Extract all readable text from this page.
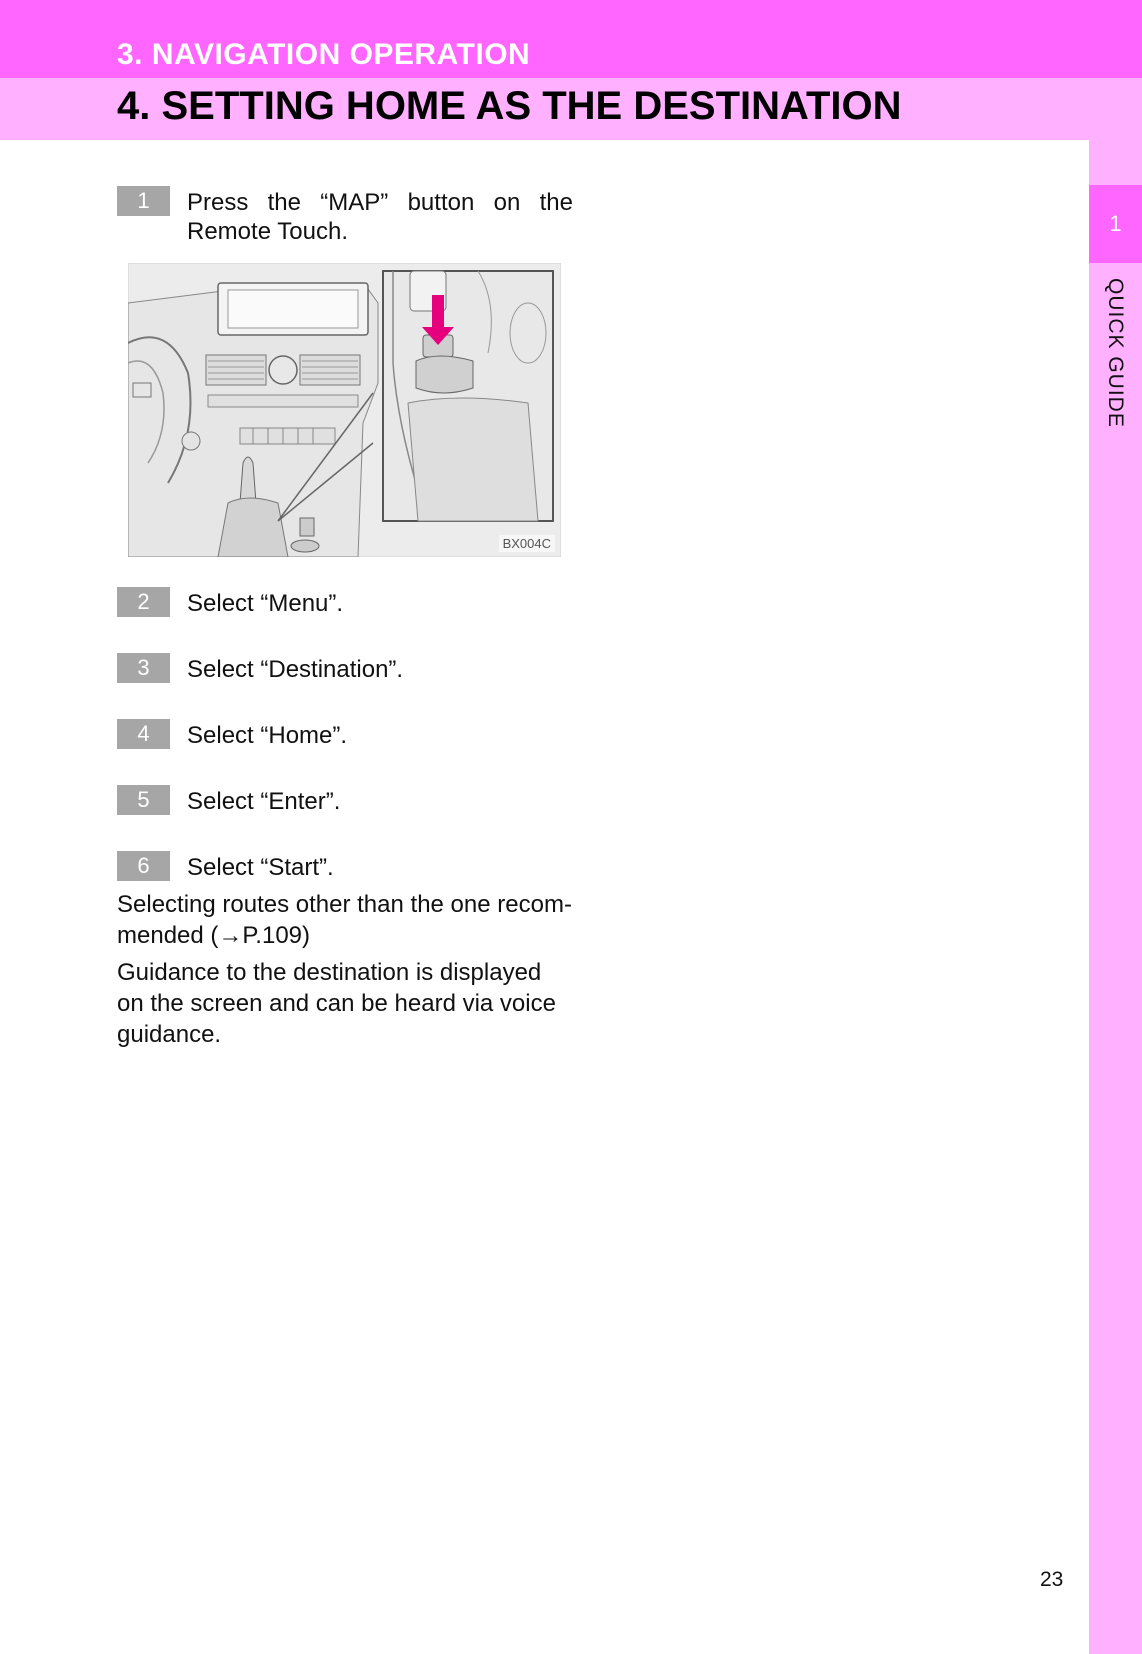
3. NAVIGATION OPERATION
4. SETTING HOME AS THE DESTINATION
1
QUICK GUIDE
1	Press the “MAP” button on the
Remote Touch.
BX004C
2	Select “Menu”.
3	Select “Destination”.
4	Select “Home”.
5	Select “Enter”.
6	Select “Start”.
Selecting routes other than the one recom-
mended (→P.109)
Guidance to the destination is displayed
on the screen and can be heard via voice
guidance.
23
